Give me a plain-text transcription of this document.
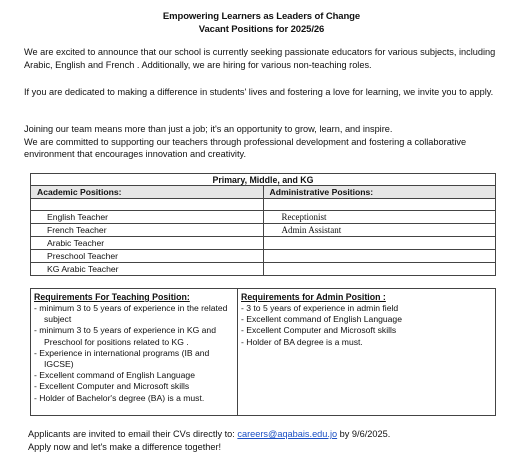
Empowering Learners as Leaders of Change
Vacant Positions for 2025/26

We are excited to announce that our school is currently seeking passionate educators for various subjects, including Arabic, English and French . Additionally, we are hiring for various non-teaching roles.

If you are dedicated to making a difference in students' lives and fostering a love for learning, we invite you to apply.

Joining our team means more than just a job; it's an opportunity to grow, learn, and inspire.
We are committed to supporting our teachers through professional development and fostering a collaborative environment that encourages innovation and creativity.
Primary, Middle, and KG	
Academic Positions:	Administrative Positions:

English Teacher	Receptionist
French Teacher	Admin Assistant
Arabic Teacher	
Preschool Teacher	
KG Arabic Teacher	
Requirements For Teaching Position:
- minimum 3 to 5 years of experience in the related subject
- minimum 3 to 5 years of experience in KG and Preschool for positions related to KG .
- Experience in international programs (IB and IGCSE)
- Excellent command of English Language
- Excellent Computer and Microsoft skills
- Holder of Bachelor's degree (BA) is a must.

Requirements for Admin Position :
- 3 to 5 years of experience in admin field
- Excellent command of English Language
- Excellent Computer and Microsoft skills
- Holder of BA degree is a must.
Applicants are invited to email their CVs directly to: careers@aqabais.edu.jo by 9/6/2025.
Apply now and let's make a difference together!
